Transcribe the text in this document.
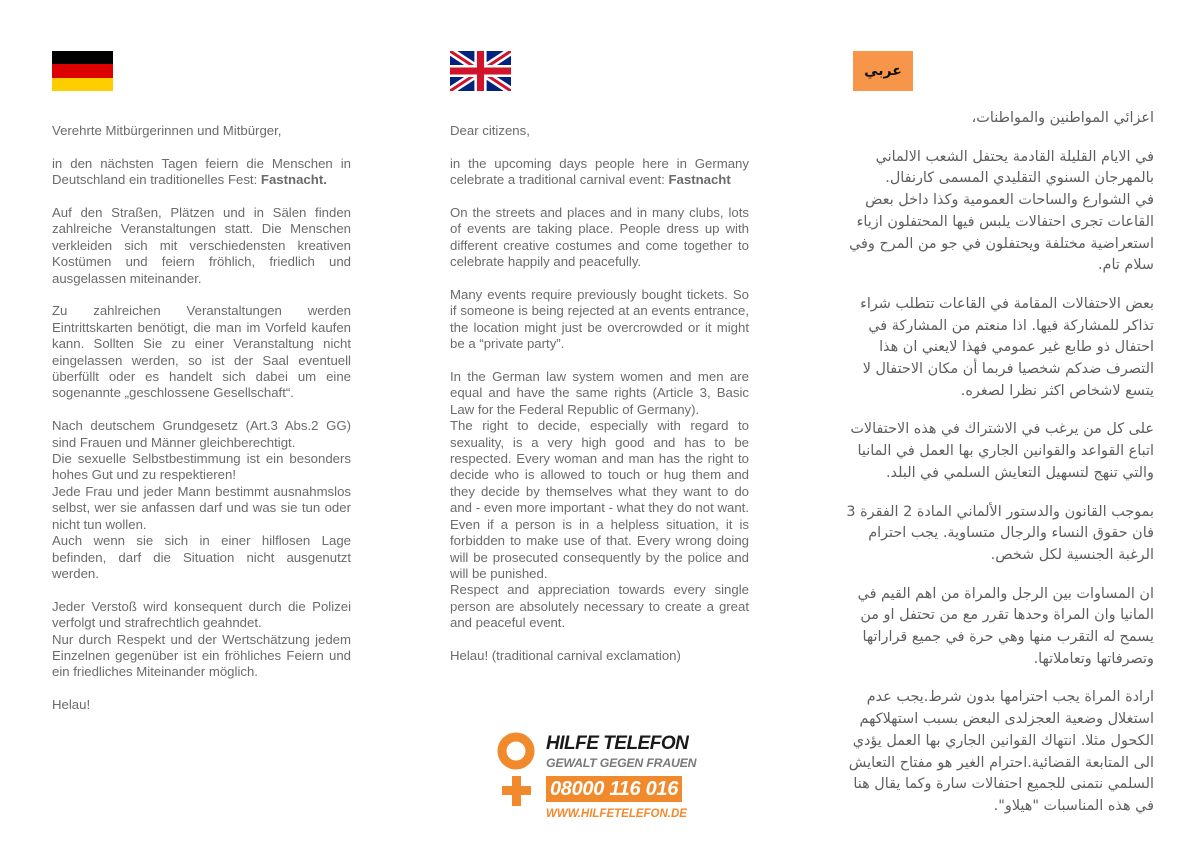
Verehrte Mitbürgerinnen und Mitbürger,

in den nächsten Tagen feiern die Menschen in Deutschland ein traditionelles Fest: Fastnacht.

Auf den Straßen, Plätzen und in Sälen finden zahlreiche Veranstaltungen statt. Die Menschen verkleiden sich mit verschiedensten kreativen Kostümen und feiern fröhlich, friedlich und ausgelassen miteinander.

Zu zahlreichen Veranstaltungen werden Eintrittskarten benötigt, die man im Vorfeld kaufen kann. Sollten Sie zu einer Veranstaltung nicht eingelassen werden, so ist der Saal eventuell überfüllt oder es handelt sich dabei um eine sogenannte „geschlossene Gesellschaft“.

Nach deutschem Grundgesetz (Art.3 Abs.2 GG) sind Frauen und Männer gleichberechtigt.

Die sexuelle Selbstbestimmung ist ein besonders hohes Gut und zu respektieren!

Jede Frau und jeder Mann bestimmt ausnahmslos selbst, wer sie anfassen darf und was sie tun oder nicht tun wollen.

Auch wenn sie sich in einer hilflosen Lage befinden, darf die Situation nicht ausgenutzt werden.

Jeder Verstoß wird konsequent durch die Polizei verfolgt und strafrechtlich geahndet.

Nur durch Respekt und der Wertschätzung jedem Einzelnen gegenüber ist ein fröhliches Feiern und ein friedliches Miteinander möglich.

Helau!

Dear citizens,

in the upcoming days people here in Germany celebrate a traditional carnival event: Fastnacht

On the streets and places and in many clubs, lots of events are taking place. People dress up with different creative costumes and come together to celebrate happily and peacefully.

Many events require previously bought tickets. So if someone is being rejected at an events entrance, the location might just be overcrowded or it might be a “private party”.

In the German law system women and men are equal and have the same rights (Article 3, Basic Law for the Federal Republic of Germany).

The right to decide, especially with regard to sexuality, is a very high good and has to be respected. Every woman and man has the right to decide who is allowed to touch or hug them and they decide by themselves what they want to do and - even more important - what they do not want. Even if a person is in a helpless situation, it is forbidden to make use of that. Every wrong doing will be prosecuted consequently by the police and will be punished.

Respect and appreciation towards every single person are absolutely necessary to create a great and peaceful event.

Helau! (traditional carnival exclamation)

HILFE TELEFON
GEWALT GEGEN FRAUEN
08000 116 016
WWW.HILFETELEFON.DE
عربي

اعزائي المواطنين والمواطنات،

في الايام القليلة القادمة يحتفل الشعب الالماني بالمهرجان السنوي التقليدي المسمى كارنفال.

في الشوارع والساحات العمومية وكذا داخل بعض القاعات تجرى احتفالات يلبس فيها المحتفلون ازياء استعراضية مختلفة ويحتفلون في جو من المرح وفي سلام تام.

بعض الاحتفالات المقامة في القاعات تتطلب شراء تذاكر للمشاركة فيها. اذا منعتم من المشاركة في احتفال ذو طابع غير عمومي فهذا لايعني ان هذا التصرف ضدكم شخصيا فربما أن مكان الاحتفال لا يتسع لاشخاص اكثر نظرا لصغره.

على كل من يرغب في الاشتراك في هذه الاحتفالات اتباع القواعد والقوانين الجاري بها العمل في المانيا والتي تنهج لتسهيل التعايش السلمي في البلد.

بموجب القانون والدستور الألماني المادة 2 الفقرة 3 فان حقوق النساء والرجال متساوية. يجب احترام الرغبة الجنسية لكل شخص.

ان المساوات بين الرجل والمراة من اهم القيم في المانيا وان المراة وحدها تقرر مع من تحتفل او من يسمح له التقرب منها وهي حرة في جميع قراراتها وتصرفاتها وتعاملاتها.

ارادة المراة يجب احترامها بدون شرط.يجب عدم استغلال وضعية العجزلدى البعض بسبب استهلاكهم الكحول مثلا. انتهاك القوانين الجاري بها العمل يؤدي الى المتابعة القضائية.احترام الغير هو مفتاح التعايش السلمي نتمنى للجميع احتفالات سارة وكما يقال هنا في هذه المناسبات "هيلاو".
